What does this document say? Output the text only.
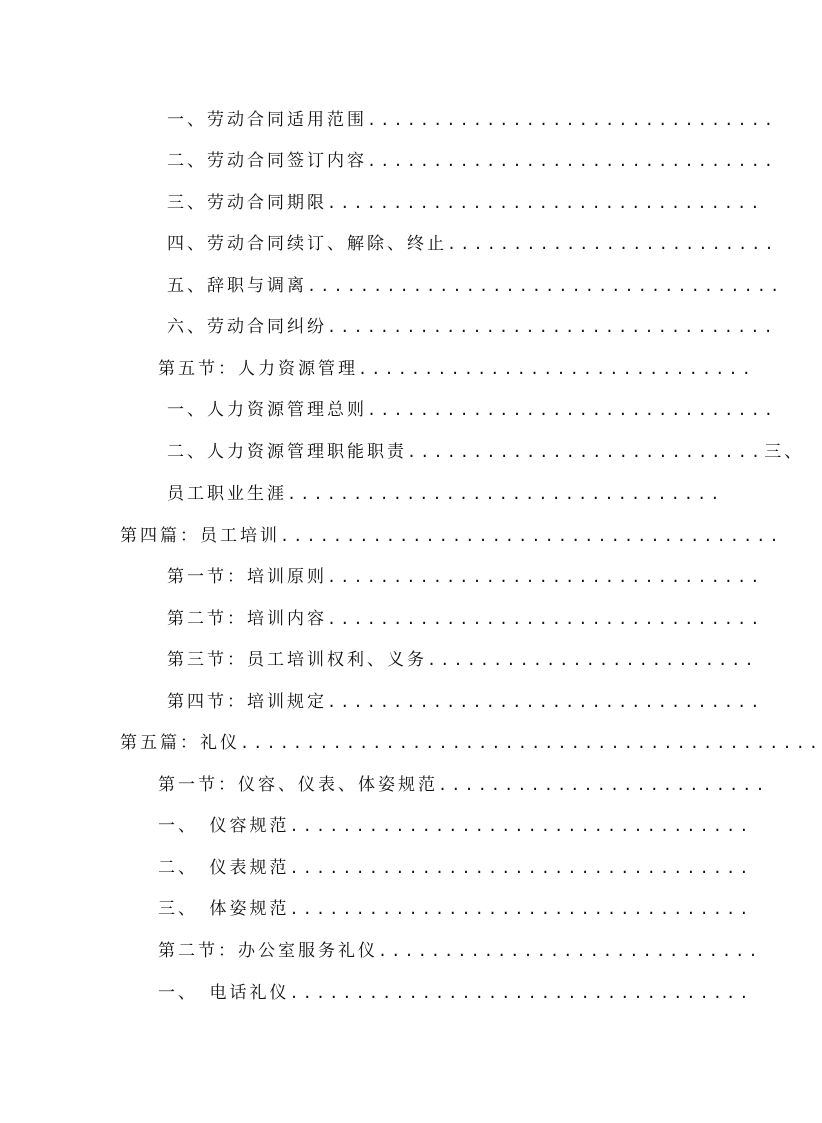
一、劳动合同适用范围...............................
二、劳动合同签订内容...............................
三、劳动合同期限.................................
四、劳动合同续订、解除、终止.........................
五、辞职与调离....................................
六、劳动合同纠纷..................................
第五节：人力资源管理..............................
一、人力资源管理总则...............................
二、人力资源管理职能职责...........................三、
员工职业生涯.................................
第四篇：员工培训......................................
第一节：培训原则.................................
第二节：培训内容.................................
第三节：员工培训权利、义务.........................
第四节：培训规定.................................
第五篇：礼仪............................................
第一节：仪容、仪表、体姿规范.........................
一、　仪容规范...................................
二、　仪表规范...................................
三、　体姿规范...................................
第二节：办公室服务礼仪.............................
一、　电话礼仪...................................
